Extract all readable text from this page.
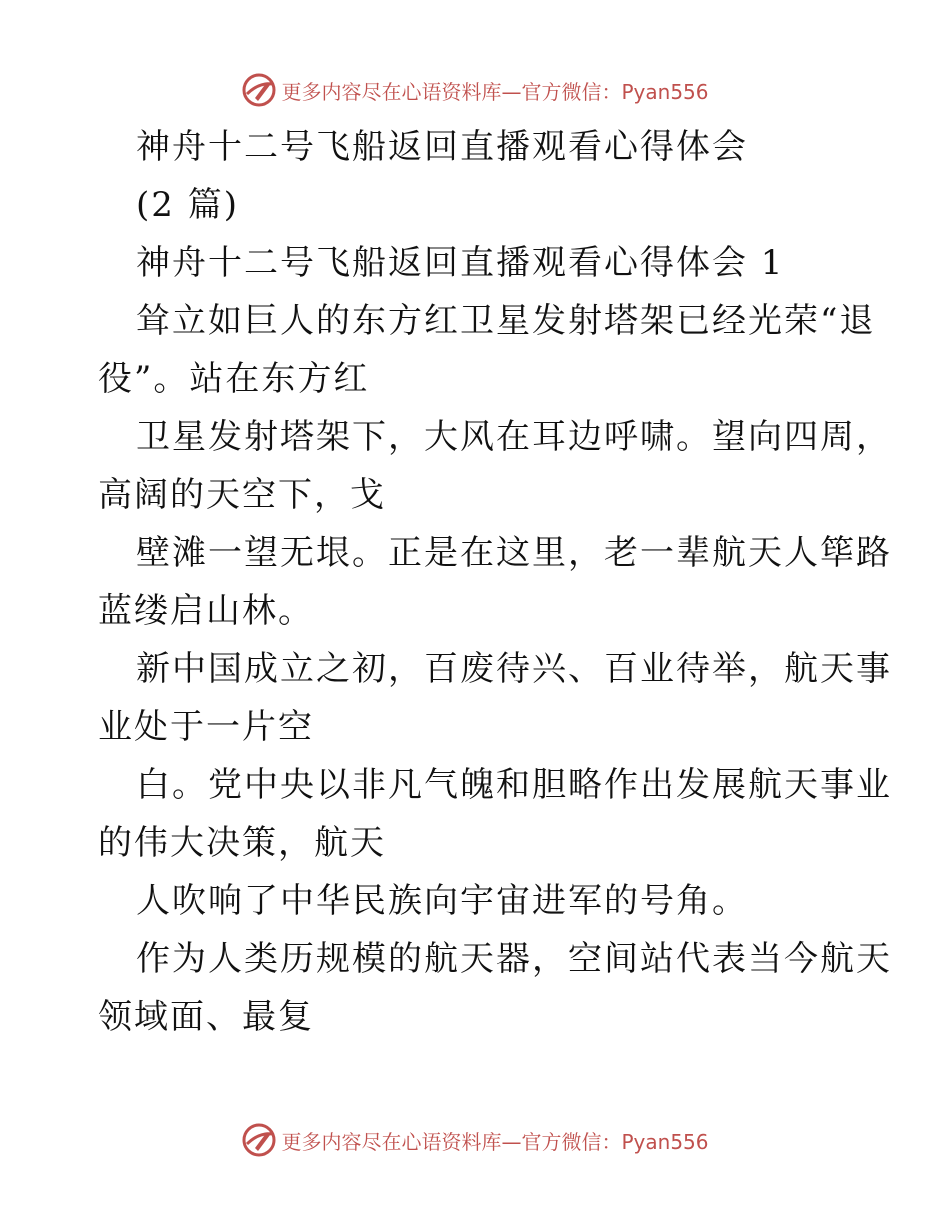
更多内容尽在心语资料库—官方微信：Pyan556
神舟十二号飞船返回直播观看心得体会
(2 篇)
神舟十二号飞船返回直播观看心得体会 1
耸立如巨人的东方红卫星发射塔架已经光荣“退
役”。站在东方红
卫星发射塔架下，大风在耳边呼啸。望向四周，
高阔的天空下，戈
壁滩一望无垠。正是在这里，老一辈航天人筚路
蓝缕启山林。
新中国成立之初，百废待兴、百业待举，航天事
业处于一片空
白。党中央以非凡气魄和胆略作出发展航天事业
的伟大决策，航天
人吹响了中华民族向宇宙进军的号角。
作为人类历规模的航天器，空间站代表当今航天
领域面、最复
更多内容尽在心语资料库—官方微信：Pyan556
